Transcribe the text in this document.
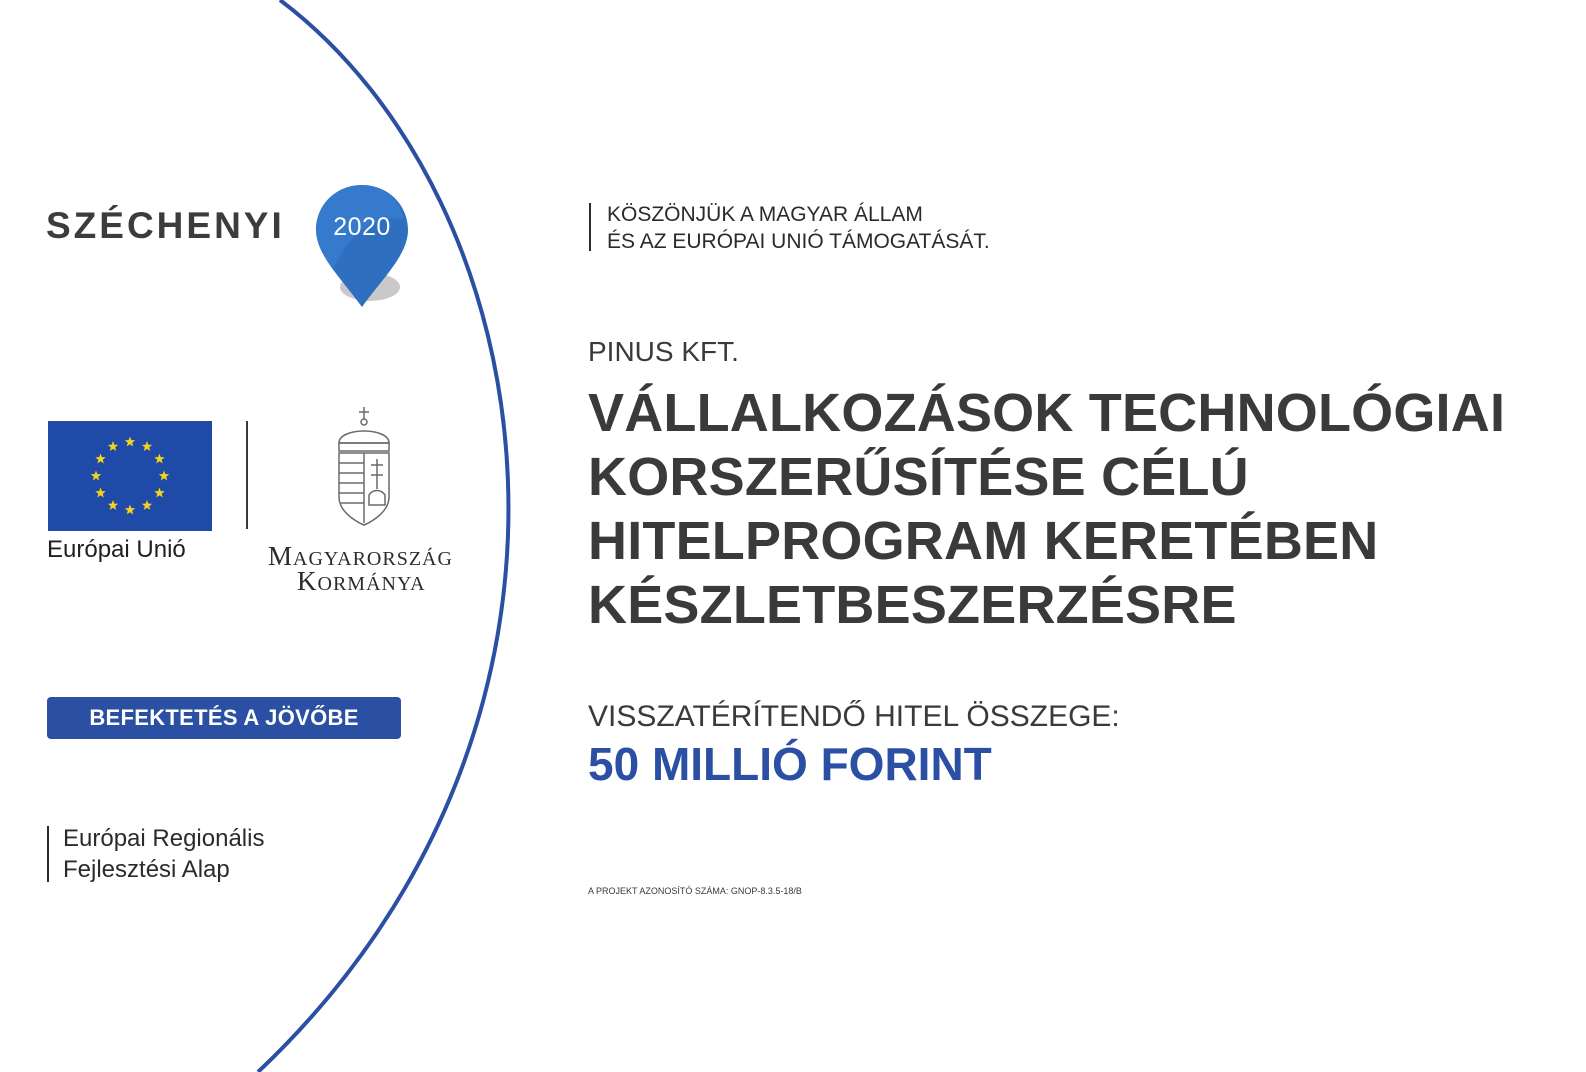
SZÉCHENYI	2020
Európai Unió	MAGYARORSZÁG
KORMÁNYA
BEFEKTETÉS A JÖVŐBE
Európai Regionális
Fejlesztési Alap
KÖSZÖNJÜK A MAGYAR ÁLLAM
ÉS AZ EURÓPAI UNIÓ TÁMOGATÁSÁT.
PINUS KFT.
VÁLLALKOZÁSOK TECHNOLÓGIAI
KORSZERŰSÍTÉSE CÉLÚ
HITELPROGRAM KERETÉBEN
KÉSZLETBESZERZÉSRE
VISSZATÉRÍTENDŐ HITEL ÖSSZEGE:
50 MILLIÓ FORINT
A PROJEKT AZONOSÍTÓ SZÁMA: GNOP-8.3.5-18/B
